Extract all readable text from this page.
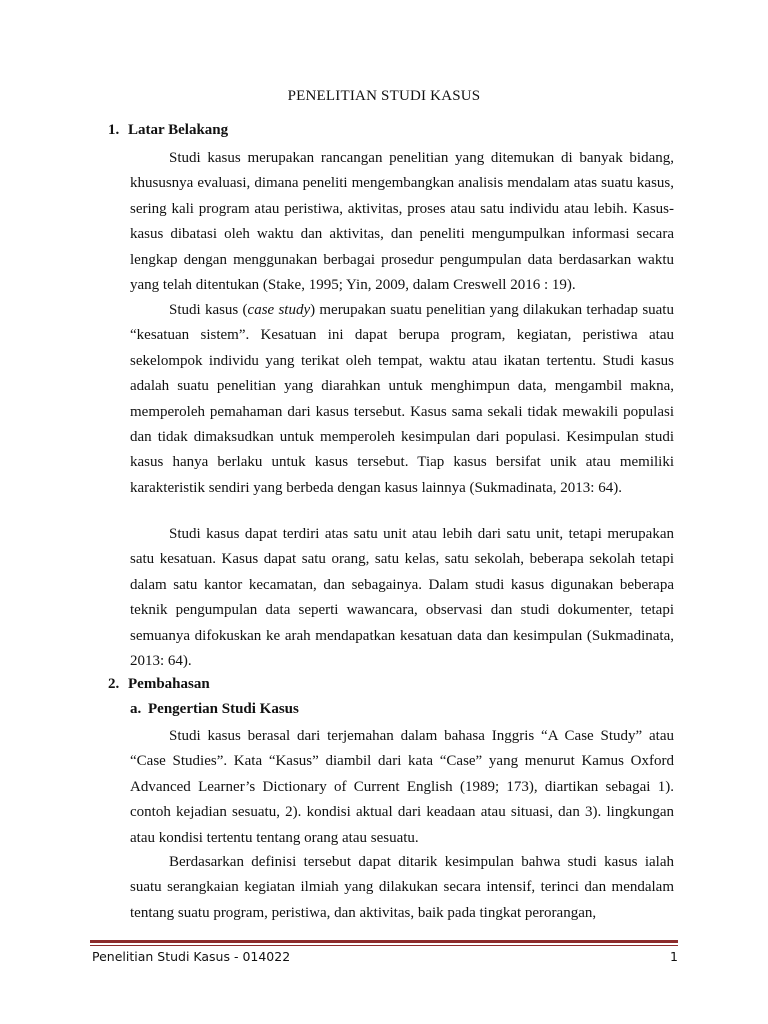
PENELITIAN STUDI KASUS
1. Latar Belakang

Studi kasus merupakan rancangan penelitian yang ditemukan di banyak bidang, khususnya evaluasi, dimana peneliti mengembangkan analisis mendalam atas suatu kasus, sering kali program atau peristiwa, aktivitas, proses atau satu individu atau lebih. Kasus-kasus dibatasi oleh waktu dan aktivitas, dan peneliti mengumpulkan informasi secara lengkap dengan menggunakan berbagai prosedur pengumpulan data berdasarkan waktu yang telah ditentukan (Stake, 1995; Yin, 2009, dalam Creswell 2016 : 19).

Studi kasus (case study) merupakan suatu penelitian yang dilakukan terhadap suatu “kesatuan sistem”. Kesatuan ini dapat berupa program, kegiatan, peristiwa atau sekelompok individu yang terikat oleh tempat, waktu atau ikatan tertentu. Studi kasus adalah suatu penelitian yang diarahkan untuk menghimpun data, mengambil makna, memperoleh pemahaman dari kasus tersebut. Kasus sama sekali tidak mewakili populasi dan tidak dimaksudkan untuk memperoleh kesimpulan dari populasi. Kesimpulan studi kasus hanya berlaku untuk kasus tersebut. Tiap kasus bersifat unik atau memiliki karakteristik sendiri yang berbeda dengan kasus lainnya (Sukmadinata, 2013: 64).

Studi kasus dapat terdiri atas satu unit atau lebih dari satu unit, tetapi merupakan satu kesatuan. Kasus dapat satu orang, satu kelas, satu sekolah, beberapa sekolah tetapi dalam satu kantor kecamatan, dan sebagainya. Dalam studi kasus digunakan beberapa teknik pengumpulan data seperti wawancara, observasi dan studi dokumenter, tetapi semuanya difokuskan ke arah mendapatkan kesatuan data dan kesimpulan (Sukmadinata, 2013: 64).

2. Pembahasan
a. Pengertian Studi Kasus

Studi kasus berasal dari terjemahan dalam bahasa Inggris “A Case Study” atau “Case Studies”. Kata “Kasus” diambil dari kata “Case” yang menurut Kamus Oxford Advanced Learner’s Dictionary of Current English (1989; 173), diartikan sebagai 1). contoh kejadian sesuatu, 2). kondisi aktual dari keadaan atau situasi, dan 3). lingkungan atau kondisi tertentu tentang orang atau sesuatu.

Berdasarkan definisi tersebut dapat ditarik kesimpulan bahwa studi kasus ialah suatu serangkaian kegiatan ilmiah yang dilakukan secara intensif, terinci dan mendalam tentang suatu program, peristiwa, dan aktivitas, baik pada tingkat perorangan,

Penelitian Studi Kasus - 014022	1
